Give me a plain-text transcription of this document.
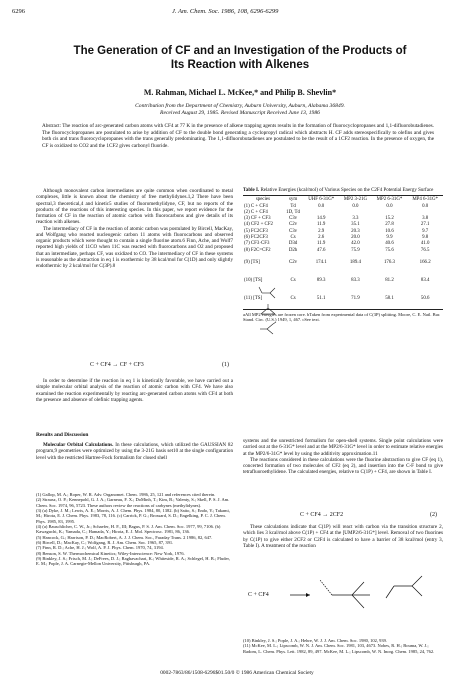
6296	J. Am. Chem. Soc. 1986, 108, 6296-6299
The Generation of CF and an Investigation of the Products of
Its Reaction with Alkenes
M. Rahman, Michael L. McKee,* and Philip B. Shevlin*
Contribution from the Department of Chemistry, Auburn University, Auburn, Alabama 36849.
Received August 29, 1985. Revised Manuscript Received June 13, 1986
Abstract: The reaction of arc-generated carbon atoms with CF4 at 77 K in the presence of alkene trapping agents results in the formation of fluorocyclopropanes and 1,1-difluorobutadienes. The fluorocyclopropanes are postulated to arise by addition of CF to the double bond generating a cyclopropyl radical which abstracts H. CF adds stereospecifically to olefins and gives both cis and trans fluorocyclopropanes with the trans generally predominating. The 1,1-difluorobutadienes are postulated to be the result of a 1CF2 reaction. In the presence of oxygen, the CF is oxidized to CO2 and the 1CF2 gives carbonyl fluoride.

Although monovalent carbon intermediates are quite common when coordinated to metal complexes, little is known about the chemistry of free methylidynes.1,2 There have been spectral,3 theoretical,4 and kinetic5 studies of fluoromethylidyne, CF, but no reports of the products of the reactions of this interesting species. In this paper, we report evidence for the formation of CF in the reaction of atomic carbon with fluorocarbons and give details of its reaction with alkenes.

The intermediacy of CF in the reaction of atomic carbon was postulated by Bircell, MacKay, and Wolfgang who reacted nucleogenic carbon 11 atoms with fluorocarbons and observed organic products which were thought to contain a single fluorine atom.6 Finn, Ache, and Wolf7 reported high yields of 11CO when 11C was reacted with fluorocarbons and O2 and proposed that an intermediate, perhaps CF, was oxidized to CO. The intermediacy of CF in these systems is reasonable as the abstraction in eq 1 is exothermic by 38 kcal/mol for C(1D) and only slightly endothermic by 2 kcal/mol for C(3P).8

C + CF4 → CF + CF3	(1)

In order to determine if the reaction in eq 1 is kinetically favorable, we have carried out a simple molecular orbital analysis of the reaction of atomic carbon with CF4. We have also examined the reaction experimentally by reacting arc-generated carbon atoms with CF4 at both the presence and absence of olefinic trapping agents.

Results and Discussion

Molecular Orbital Calculations. In these calculations, which utilized the GAUSSIAN 82 program,9 geometries were optimized by using the 3-21G basis set10 at the single configuration level with the restricted Hartree-Fock formalism for closed shell

(1) Gallop, M. A.; Roper, W. R. Adv. Organomet. Chem. 1986, 25, 121 and references cited therein.
(2) Strausz, O. P.; Kennepohl, G. J. A.; Garneau, F. X.; DoMinh, T.; Kim, B.; Valenty, S.; Skell, P. S. J. Am. Chem. Soc. 1974, 96, 5723. These authors review the reactions of carbynes (methylidynes).
(3) (a) Dyke, J. M.; Lewis, A. E.; Morris, A. J. Chem. Phys. 1984, 80, 1382. (b) Saito, S.; Endo, Y.; Takami, M.; Hirota, E. J. Chem. Phys. 1983, 78, 116. (c) Carrick, P. G.; Brossard, S. D.; Engelking, P. C. J. Chem. Phys. 1985, 83, 1995.
(4) (a) Bauschlicher, C. W., Jr.; Schaefer, H. F., III; Bagus, P. S. J. Am. Chem. Soc. 1977, 99, 7106. (b) Kawaguchi, K.; Yamada, C.; Hamada, Y.; Hirota, E. J. Mol. Spectrosc. 1981, 86, 136.
(5) Hancock, G.; Harrison, P. D.; MacRobert, A. J. J. Chem. Soc., Faraday Trans. 2 1986, 82, 647.
(6) Bircell, D.; MacKay, C.; Wolfgang, R. J. Am. Chem. Soc. 1965, 87, 391.
(7) Finn, R. D.; Ache, H. J.; Wolf, A. P. J. Phys. Chem. 1970, 74, 3194.
(8) Benson, S. W. Thermochemical Kinetics; Wiley-Interscience: New York, 1976.
(9) Binkley, J. S.; Frisch, M. J.; DeFrees, D. J.; Raghavachari, K.; Whiteside, R. A.; Schlegel, H. B.; Fluder, E. M.; Pople, J. A. Carnegie-Mellon University, Pittsburgh, PA.
Table I. Relative Energies (kcal/mol) of Various Species on the C2F4 Potential Energy Surface
species	sym	UHF 6-31G*	MP2 3-21G	MP2 6-31G*	MP4 6-31G*
(1) C + CF4	Td	0.0	0.0	0.0	0.0
(2) C + CF4	1D, Td				
(3) CF + CF3	C3v	14.9	3.3	15.2	3.8
(4) CF2 + CF2	C2v	11.9	35.1	27.8	27.1
(5) FC2CF3	C3v	2.9	20.3	10.6	9.7
(6) FC2CF3	Cs	2.6	20.0	9.9	9.8
(7) CF3·CF3	D3d	11.9	42.0	40.6	41.0
(8) F2C=CF2	D2h	47.6	75.9	75.6	76.5
(9) [TS]	C2v	174.1	189.4	176.3	166.2
(10) [TS]	Cs	89.3	83.3	81.2	83.4
(11) [TS]	Cs	51.1	71.9	58.1	50.6
aAll MP2 energies are frozen core. bTaken from experimental data of C(3P) splitting. Moore, C. E. Natl. Bur. Stand. Circ. (U.S.) 1949, 1, 467. cSee text.

systems and the unrestricted formalism for open-shell systems. Single point calculations were carried out at the 6-31G* level and at the MP2/6-31G* level in order to estimate relative energies at the MP2/6-31G* level by using the additivity approximation.11

The reactions considered in these calculations were the fluorine abstraction to give CF (eq 1), concerted formation of two molecules of CF2 (eq 2), and insertion into the C-F bond to give tetrafluoroethylidene. The calculated energies, relative to C(1P) + CF4, are shown in Table I.

C + CF4 → 2CF2	(2)

These calculations indicate that C(1P) will react with carbon via the transition structure 2, which lies 3 kcal/mol above C(1P) + CF4 at the [UMP2/6-31G*] level. Removal of two fluorines by C(1P) to give either 2CF2 or C2F4 is calculated to have a barrier of 38 kcal/mol (entry 3, Table I). A treatment of the reaction

C + CF4
(10) Binkley, J. S.; Pople, J. A.; Hehre, W. J. J. Am. Chem. Soc. 1980, 102, 939.
(11) McKee, M. L.; Lipscomb, W. N. J. Am. Chem. Soc. 1981, 103, 4673. Nobes, R. H.; Bouma, W. J.; Radom, L. Chem. Phys. Lett. 1982, 89, 497. McKee, M. L.; Lipscomb, W. N. Inorg. Chem. 1985, 24, 762.
0002-7863/86/1508-6296$01.50/0 © 1986 American Chemical Society
